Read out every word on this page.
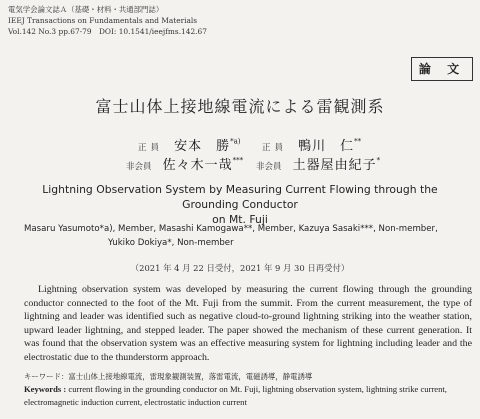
電気学会論文誌Ａ（基礎・材料・共通部門誌）
IEEJ Transactions on Fundamentals and Materials
Vol.142 No.3 pp.67-79　DOI: 10.1541/ieejfms.142.67
論 文
富士山体上接地線電流による雷観測系
正員 安本　勝$^{*a)}$
正員 鴨川　仁**
非会員 佐々木一哉***
非会員 土器屋由紀子*
Lightning Observation System by Measuring Current Flowing through the Grounding Conductor
on Mt. Fuji
Masaru Yasumoto*a), Member, Masashi Kamogawa**, Member, Kazuya Sasaki***, Non-member,
Yukiko Dokiya*, Non-member
（2021 年 4 月 22 日受付，2021 年 9 月 30 日再受付）
Lightning observation system was developed by measuring the current flowing through the grounding conductor connected to the foot of the Mt. Fuji from the summit. From the current measurement, the type of lightning and leader was identified such as negative cloud-to-ground lightning striking into the weather station, upward leader lightning, and stepped leader. The paper showed the mechanism of these current generation. It was found that the observation system was an effective measuring system for lightning including leader and the electrostatic due to the thunderstorm approach.
キーワード：富士山体上接地線電流，雷現象観測装置，落雷電流，電磁誘導，静電誘導
Keywords : current flowing in the grounding conductor on Mt. Fuji, lightning observation system, lightning strike current, electromagnetic induction current, electrostatic induction current
